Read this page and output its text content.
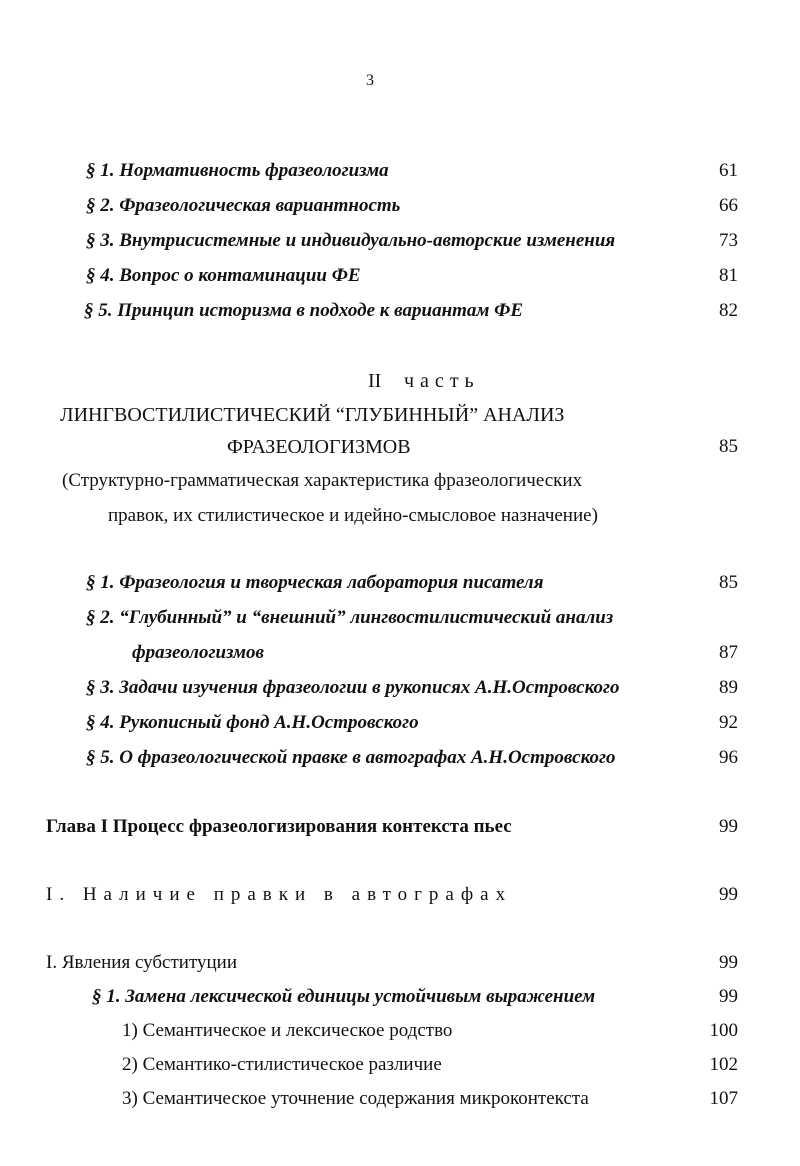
3
§ 1. Нормативность фразеологизма	61
§ 2. Фразеологическая вариантность	66
§ 3. Внутрисистемные и индивидуально-авторские изменения	73
§ 4. Вопрос о контаминации ФЕ	81
§ 5. Принцип историзма в подходе к вариантам ФЕ	82
II часть
ЛИНГВОСТИЛИСТИЧЕСКИЙ “ГЛУБИННЫЙ” АНАЛИЗ
ФРАЗЕОЛОГИЗМОВ	85
(Структурно-грамматическая характеристика фразеологических
правок, их стилистическое и идейно-смысловое назначение)
§ 1. Фразеология и творческая лаборатория писателя	85
§ 2. “Глубинный” и “внешний” лингвостилистический анализ
фразеологизмов	87
§ 3. Задачи изучения фразеологии в рукописях А.Н.Островского	89
§ 4. Рукописный фонд А.Н.Островского	92
§ 5. О фразеологической правке в автографах А.Н.Островского	96
Глава I Процесс фразеологизирования контекста пьес	99
I. Наличие правки в автографах	99
I. Явления субституции	99
§ 1. Замена лексической единицы устойчивым выражением	99
1) Семантическое и лексическое родство	100
2) Семантико-стилистическое различие	102
3) Семантическое уточнение содержания микроконтекста	107
